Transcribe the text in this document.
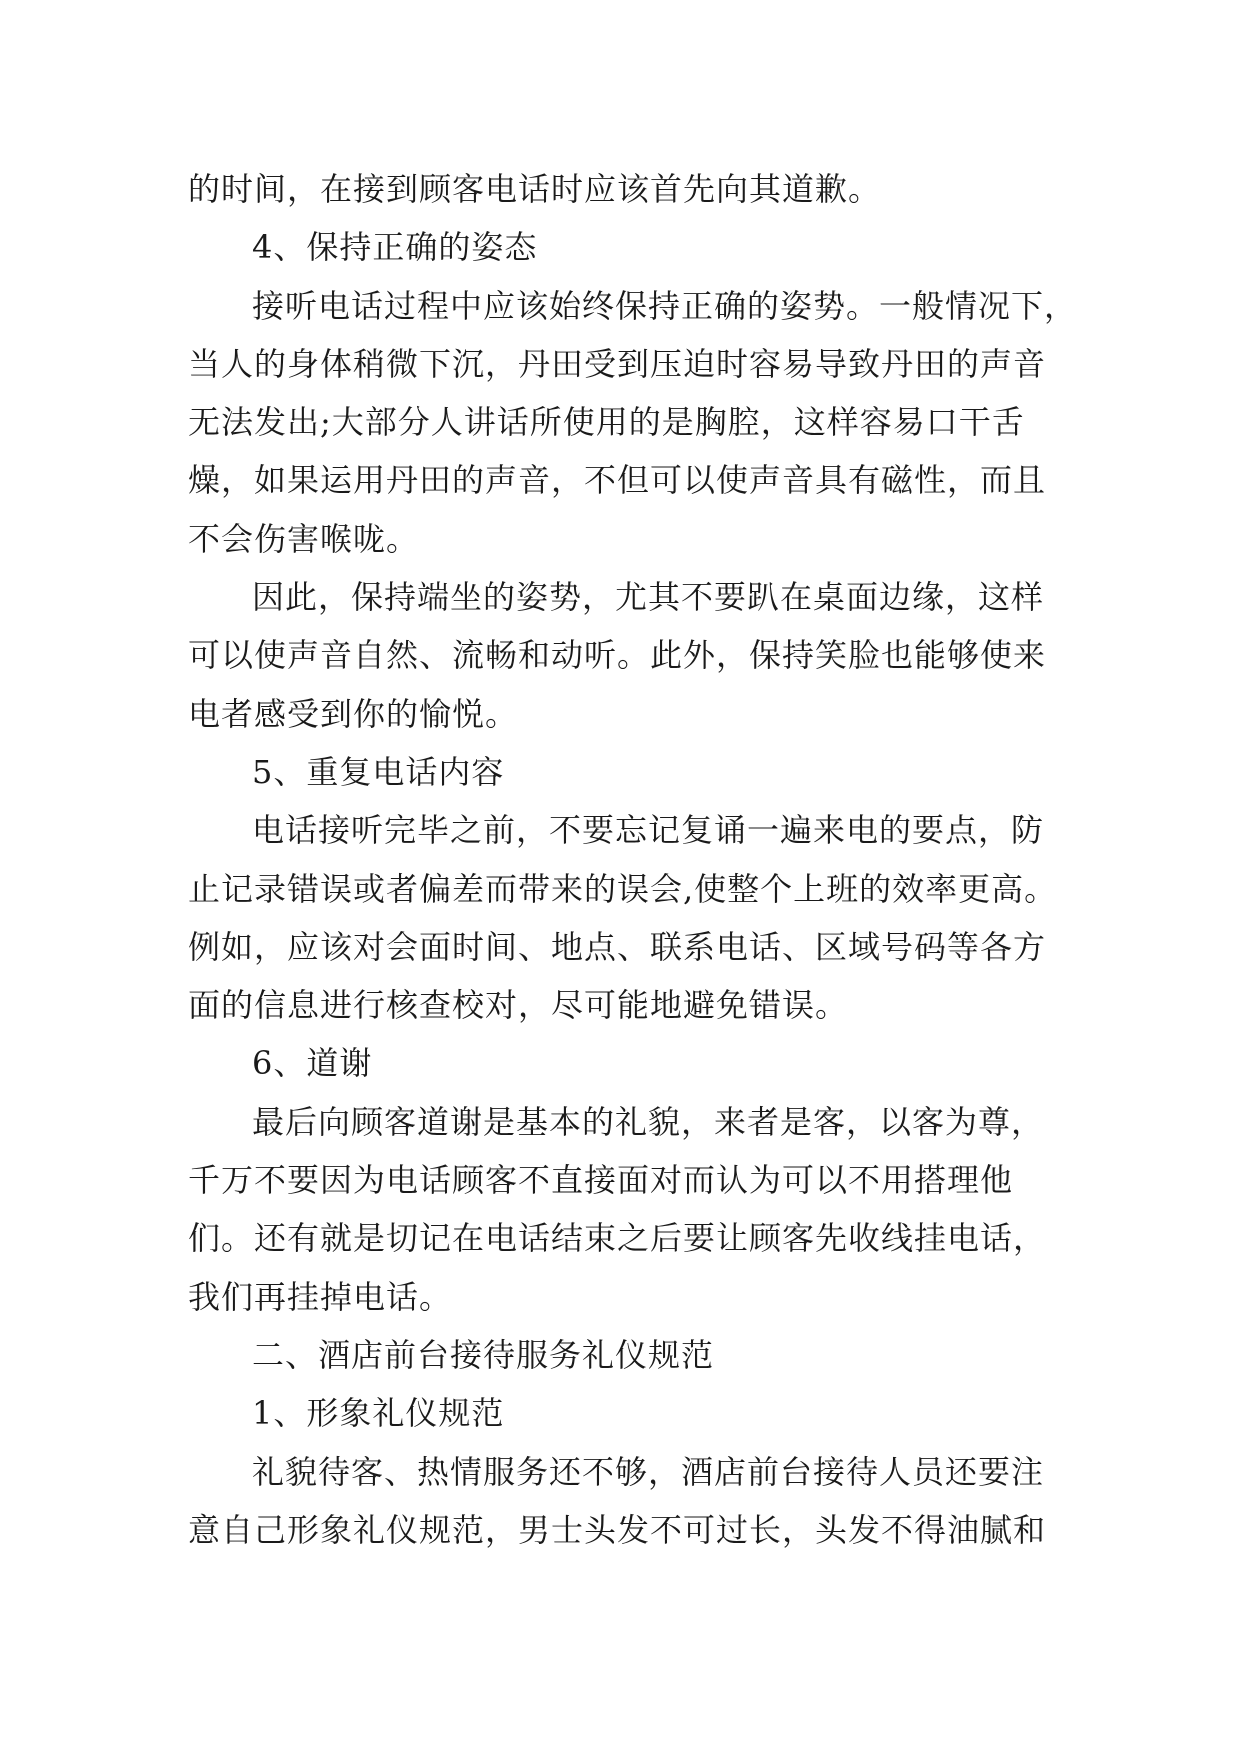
的时间，在接到顾客电话时应该首先向其道歉。
4、保持正确的姿态
接听电话过程中应该始终保持正确的姿势。一般情况下，
当人的身体稍微下沉，丹田受到压迫时容易导致丹田的声音
无法发出;大部分人讲话所使用的是胸腔，这样容易口干舌
燥，如果运用丹田的声音，不但可以使声音具有磁性，而且
不会伤害喉咙。
因此，保持端坐的姿势，尤其不要趴在桌面边缘，这样
可以使声音自然、流畅和动听。此外，保持笑脸也能够使来
电者感受到你的愉悦。
5、重复电话内容
电话接听完毕之前，不要忘记复诵一遍来电的要点，防
止记录错误或者偏差而带来的误会,使整个上班的效率更高。
例如，应该对会面时间、地点、联系电话、区域号码等各方
面的信息进行核查校对，尽可能地避免错误。
6、道谢
最后向顾客道谢是基本的礼貌，来者是客，以客为尊，
千万不要因为电话顾客不直接面对而认为可以不用搭理他
们。还有就是切记在电话结束之后要让顾客先收线挂电话，
我们再挂掉电话。
二、酒店前台接待服务礼仪规范
1、形象礼仪规范
礼貌待客、热情服务还不够，酒店前台接待人员还要注
意自己形象礼仪规范，男士头发不可过长，头发不得油腻和
